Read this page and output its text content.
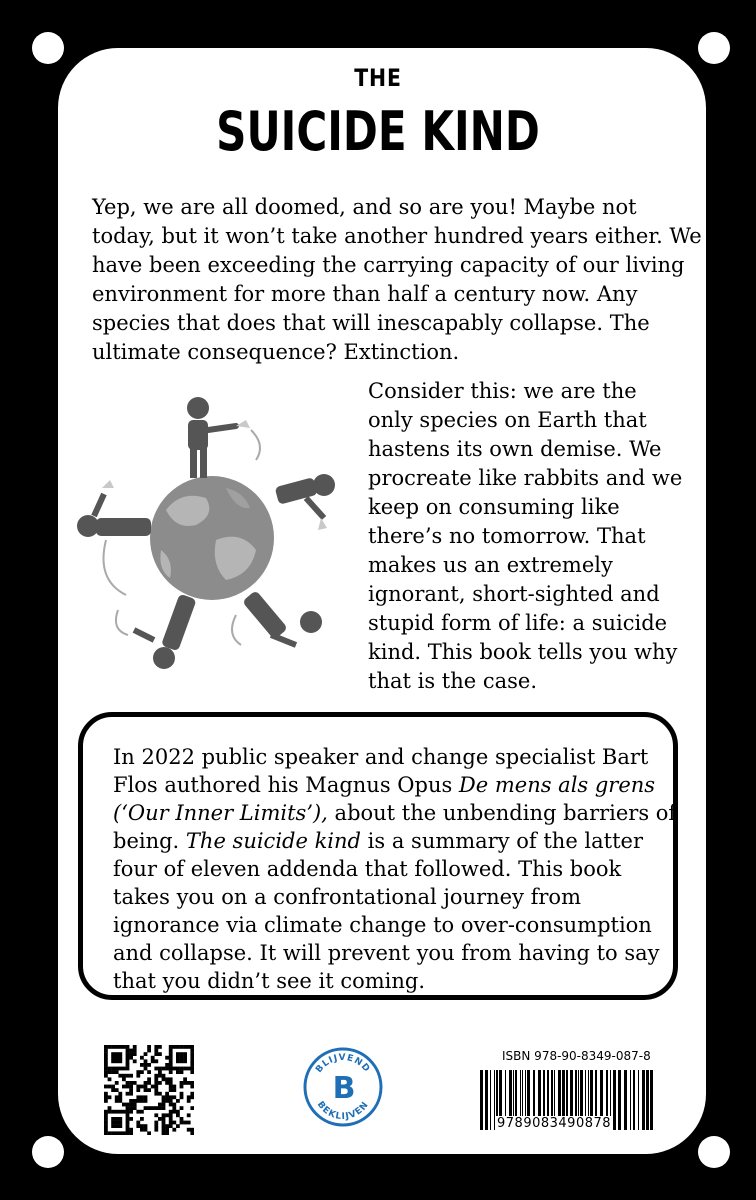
THE
SUICIDE KIND

Yep, we are all doomed, and so are you! Maybe not today, but it won’t take another hundred years either. We have been exceeding the carrying capacity of our living environment for more than half a century now. Any species that does that will inescapably collapse. The ultimate consequence? Extinction.

Consider this: we are the only species on Earth that hastens its own demise. We procreate like rabbits and we keep on consuming like there’s no tomorrow. That makes us an extremely ignorant, short-sighted and stupid form of life: a suicide kind. This book tells you why that is the case.

In 2022 public speaker and change specialist Bart Flos authored his Magnus Opus De mens als grens (‘Our Inner Limits’), about the unbending barriers of being. The suicide kind is a summary of the latter four of eleven addenda that followed. This book takes you on a confrontational journey from ignorance via climate change to over-consumption and collapse. It will prevent you from having to say that you didn’t see it coming.

BLIJVEND
BEKLIJVEN
B
ISBN 978-90-8349-087-8
9789083490878
